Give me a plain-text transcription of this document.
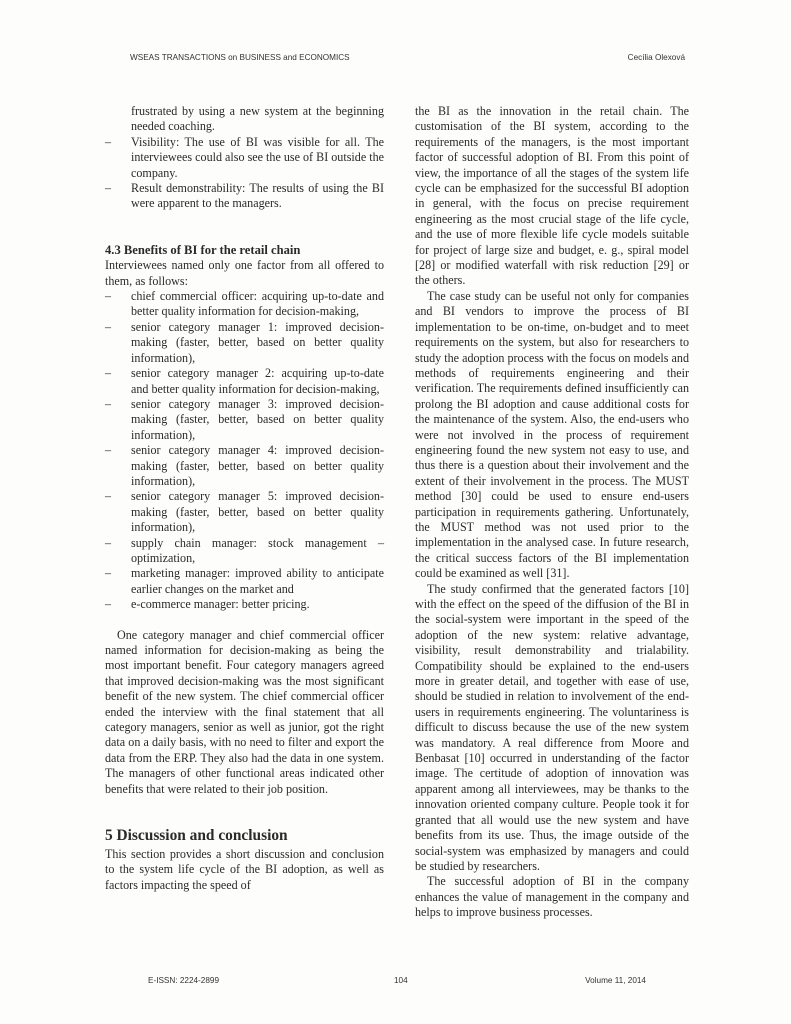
WSEAS TRANSACTIONS on BUSINESS and ECONOMICS	Cecília Olexová

frustrated by using a new system at the beginning needed coaching.

– Visibility: The use of BI was visible for all. The interviewees could also see the use of BI outside the company.
– Result demonstrability: The results of using the BI were apparent to the managers.
4.3 Benefits of BI for the retail chain

Interviewees named only one factor from all offered to them, as follows:

– chief commercial officer: acquiring up-to-date and better quality information for decision-making,
– senior category manager 1: improved decision-making (faster, better, based on better quality information),
– senior category manager 2: acquiring up-to-date and better quality information for decision-making,
– senior category manager 3: improved decision-making (faster, better, based on better quality information),
– senior category manager 4: improved decision-making (faster, better, based on better quality information),
– senior category manager 5: improved decision-making (faster, better, based on better quality information),
– supply chain manager: stock management – optimization,
– marketing manager: improved ability to anticipate earlier changes on the market and
– e-commerce manager: better pricing.

One category manager and chief commercial officer named information for decision-making as being the most important benefit. Four category managers agreed that improved decision-making was the most significant benefit of the new system. The chief commercial officer ended the interview with the final statement that all category managers, senior as well as junior, got the right data on a daily basis, with no need to filter and export the data from the ERP. They also had the data in one system. The managers of other functional areas indicated other benefits that were related to their job position.

5 Discussion and conclusion

This section provides a short discussion and conclusion to the system life cycle of the BI adoption, as well as factors impacting the speed of

the BI as the innovation in the retail chain. The customisation of the BI system, according to the requirements of the managers, is the most important factor of successful adoption of BI. From this point of view, the importance of all the stages of the system life cycle can be emphasized for the successful BI adoption in general, with the focus on precise requirement engineering as the most crucial stage of the life cycle, and the use of more flexible life cycle models suitable for project of large size and budget, e. g., spiral model [28] or modified waterfall with risk reduction [29] or the others.

The case study can be useful not only for companies and BI vendors to improve the process of BI implementation to be on-time, on-budget and to meet requirements on the system, but also for researchers to study the adoption process with the focus on models and methods of requirements engineering and their verification. The requirements defined insufficiently can prolong the BI adoption and cause additional costs for the maintenance of the system. Also, the end-users who were not involved in the process of requirement engineering found the new system not easy to use, and thus there is a question about their involvement and the extent of their involvement in the process. The MUST method [30] could be used to ensure end-users participation in requirements gathering. Unfortunately, the MUST method was not used prior to the implementation in the analysed case. In future research, the critical success factors of the BI implementation could be examined as well [31].

The study confirmed that the generated factors [10] with the effect on the speed of the diffusion of the BI in the social-system were important in the speed of the adoption of the new system: relative advantage, visibility, result demonstrability and trialability. Compatibility should be explained to the end-users more in greater detail, and together with ease of use, should be studied in relation to involvement of the end-users in requirements engineering. The voluntariness is difficult to discuss because the use of the new system was mandatory. A real difference from Moore and Benbasat [10] occurred in understanding of the factor image. The certitude of adoption of innovation was apparent among all interviewees, may be thanks to the innovation oriented company culture. People took it for granted that all would use the new system and have benefits from its use. Thus, the image outside of the social-system was emphasized by managers and could be studied by researchers.

The successful adoption of BI in the company enhances the value of management in the company and helps to improve business processes.

E-ISSN: 2224-2899	104	Volume 11, 2014
